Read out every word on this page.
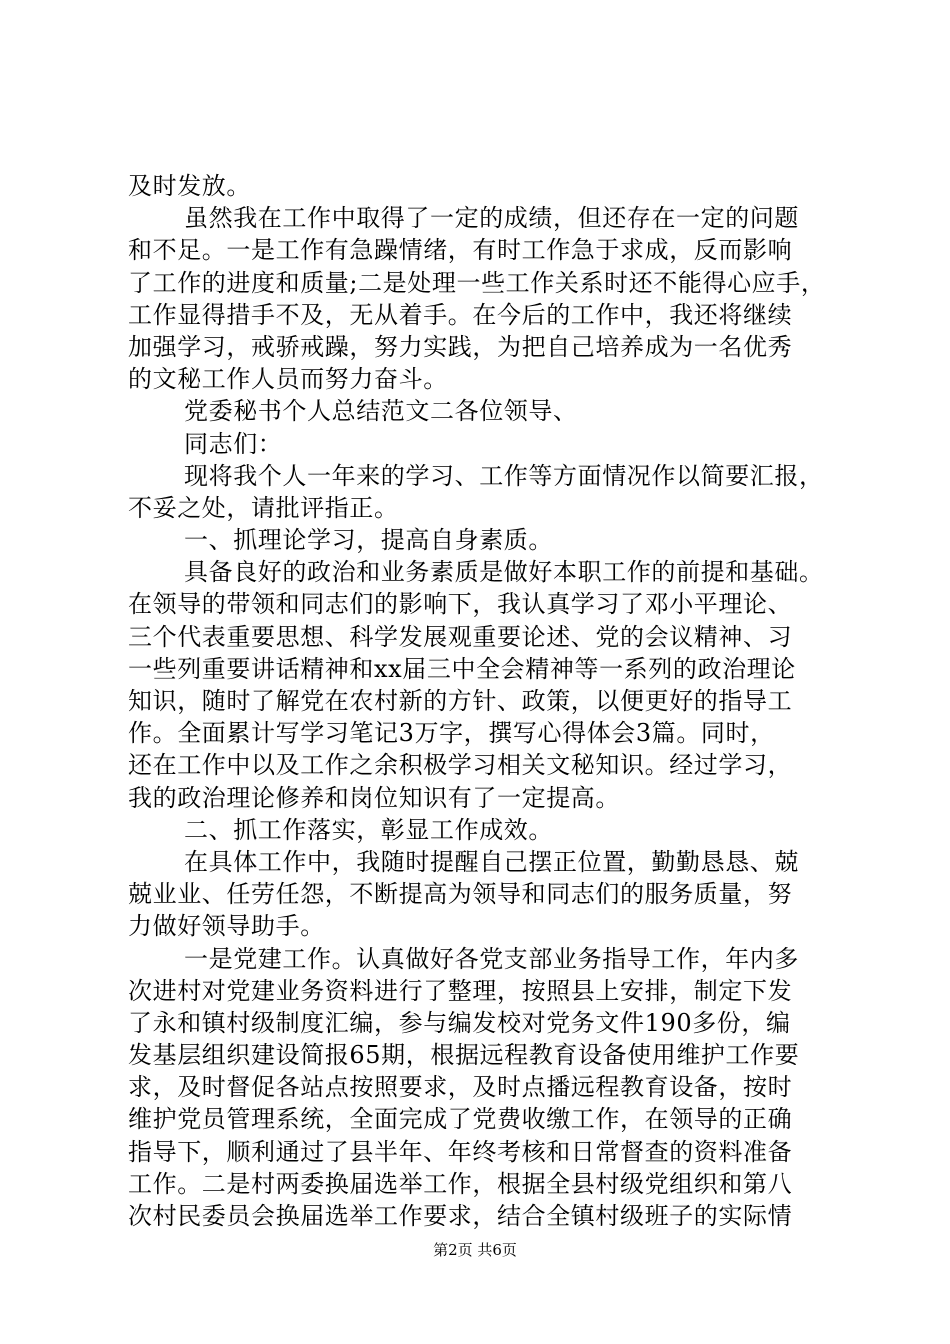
及时发放。
虽然我在工作中取得了一定的成绩，但还存在一定的问题
和不足。一是工作有急躁情绪，有时工作急于求成，反而影响
了工作的进度和质量;二是处理一些工作关系时还不能得心应手，
工作显得措手不及，无从着手。在今后的工作中，我还将继续
加强学习，戒骄戒躁，努力实践，为把自己培养成为一名优秀
的文秘工作人员而努力奋斗。
党委秘书个人总结范文二各位领导、
同志们：
现将我个人一年来的学习、工作等方面情况作以简要汇报，
不妥之处，请批评指正。
一、抓理论学习，提高自身素质。
具备良好的政治和业务素质是做好本职工作的前提和基础。
在领导的带领和同志们的影响下，我认真学习了邓小平理论、
三个代表重要思想、科学发展观重要论述、党的会议精神、习
一些列重要讲话精神和xx届三中全会精神等一系列的政治理论
知识，随时了解党在农村新的方针、政策，以便更好的指导工
作。全面累计写学习笔记3万字，撰写心得体会3篇。同时，
还在工作中以及工作之余积极学习相关文秘知识。经过学习，
我的政治理论修养和岗位知识有了一定提高。
二、抓工作落实，彰显工作成效。
在具体工作中，我随时提醒自己摆正位置，勤勤恳恳、兢
兢业业、任劳任怨，不断提高为领导和同志们的服务质量，努
力做好领导助手。
一是党建工作。认真做好各党支部业务指导工作，年内多
次进村对党建业务资料进行了整理，按照县上安排，制定下发
了永和镇村级制度汇编，参与编发校对党务文件190多份，编
发基层组织建设简报65期，根据远程教育设备使用维护工作要
求，及时督促各站点按照要求，及时点播远程教育设备，按时
维护党员管理系统，全面完成了党费收缴工作，在领导的正确
指导下，顺利通过了县半年、年终考核和日常督查的资料准备
工作。二是村两委换届选举工作，根据全县村级党组织和第八
次村民委员会换届选举工作要求，结合全镇村级班子的实际情
第2页 共6页
